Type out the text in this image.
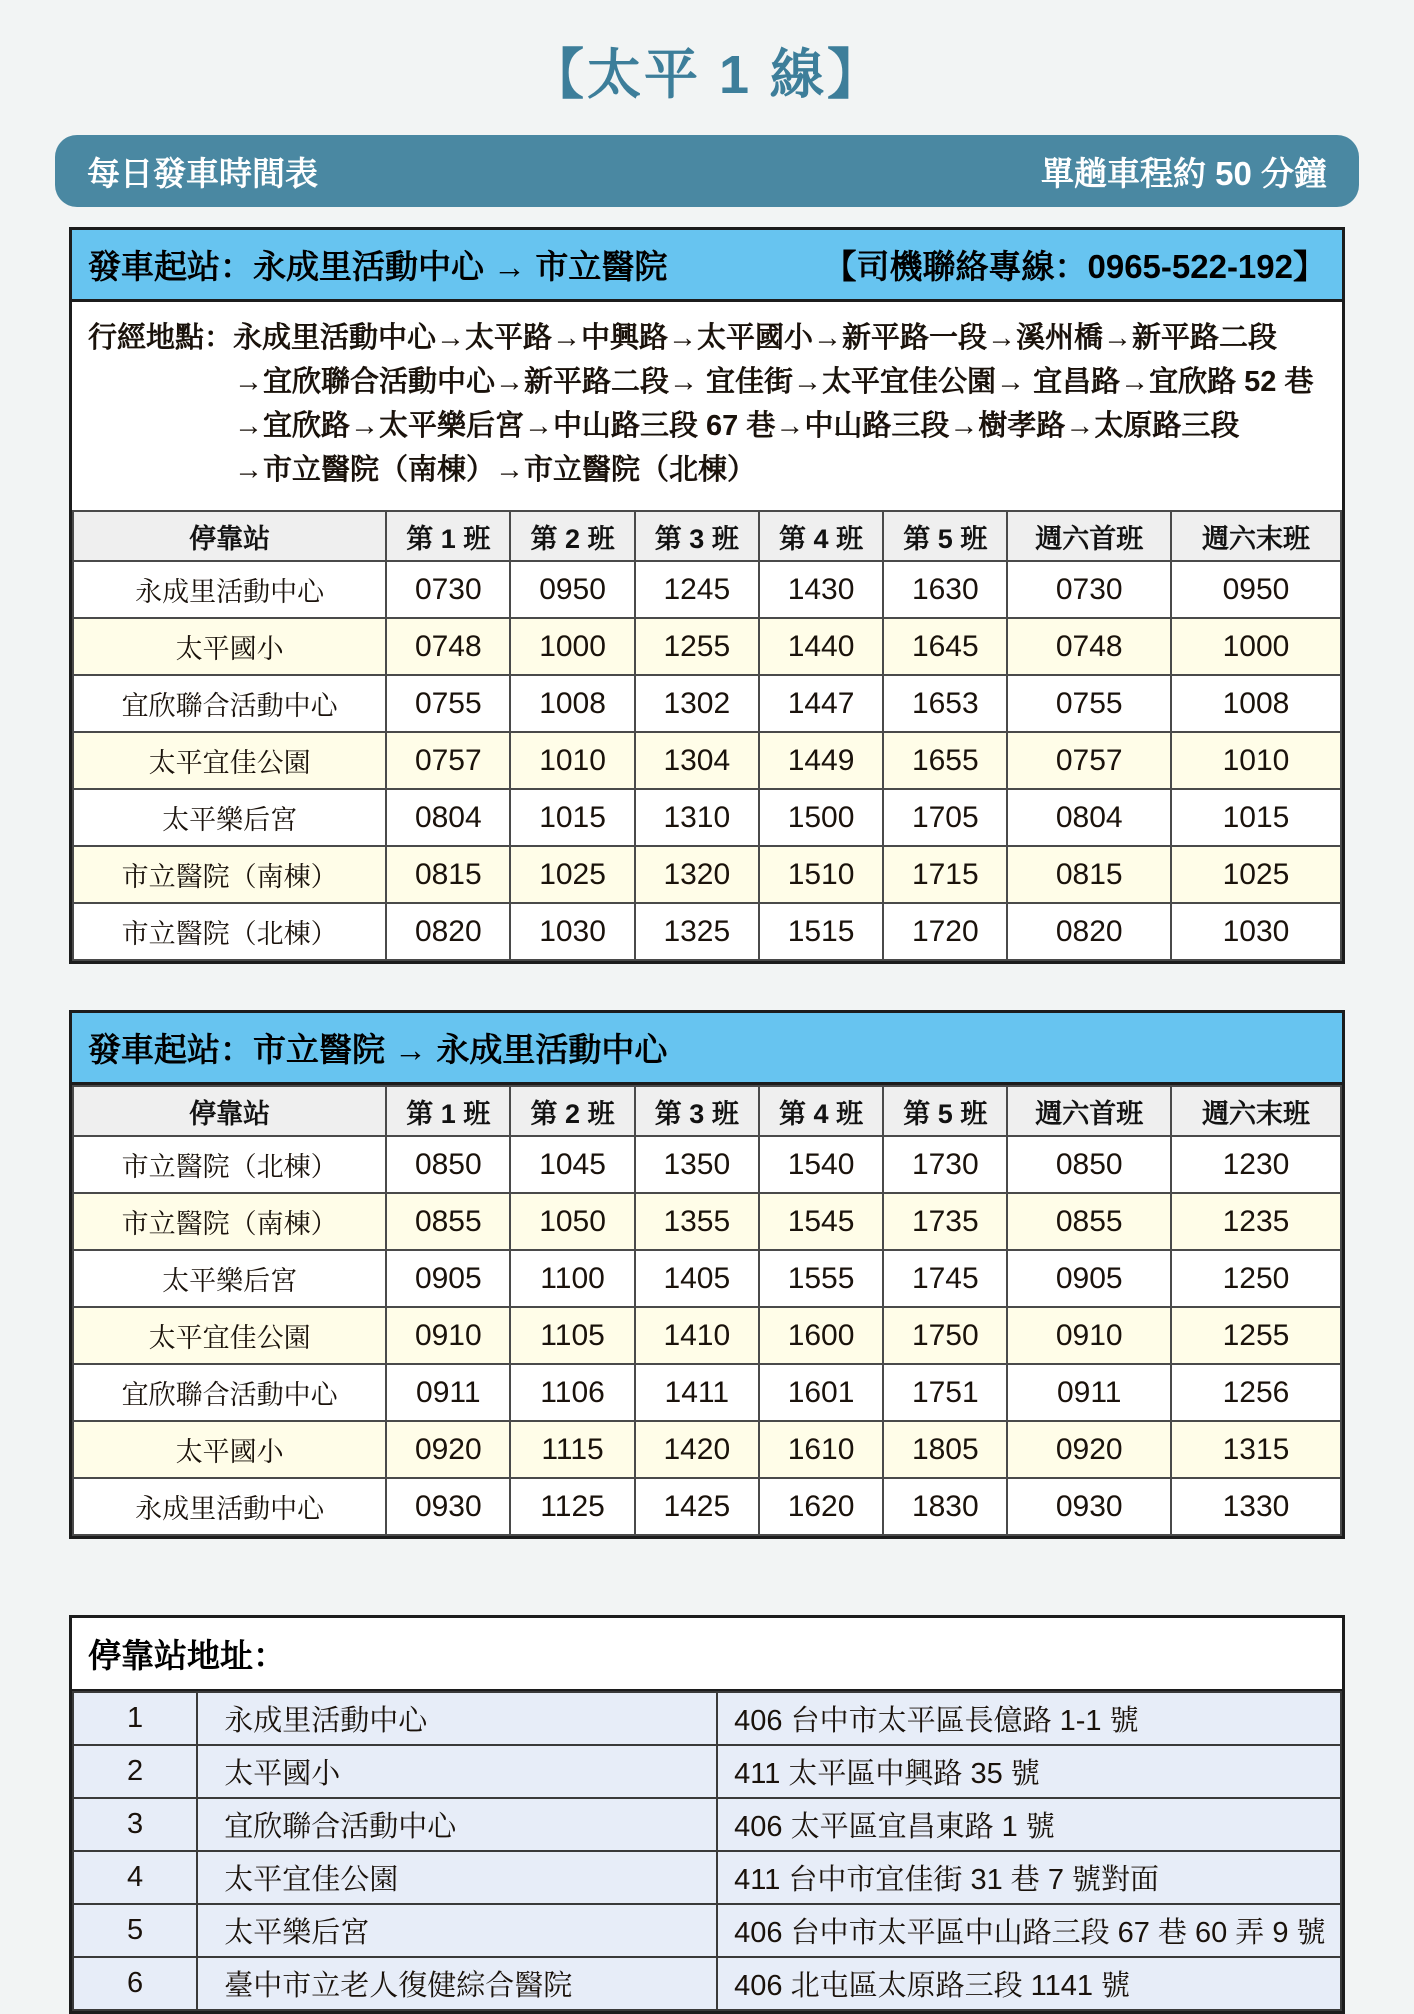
【太平 1 線】
每日發車時間表	單趟車程約 50 分鐘
發車起站：永成里活動中心 → 市立醫院	【司機聯絡專線：0965-522-192】
行經地點：永成里活動中心→太平路→中興路→太平國小→新平路一段→溪州橋→新平路二段
→宜欣聯合活動中心→新平路二段→ 宜佳街→太平宜佳公園→ 宜昌路→宜欣路 52 巷
→宜欣路→太平樂后宮→中山路三段 67 巷→中山路三段→樹孝路→太原路三段
→市立醫院（南棟）→市立醫院（北棟）
停靠站	第 1 班	第 2 班	第 3 班	第 4 班	第 5 班	週六首班	週六末班
永成里活動中心	0730	0950	1245	1430	1630	0730	0950
太平國小	0748	1000	1255	1440	1645	0748	1000
宜欣聯合活動中心	0755	1008	1302	1447	1653	0755	1008
太平宜佳公園	0757	1010	1304	1449	1655	0757	1010
太平樂后宮	0804	1015	1310	1500	1705	0804	1015
市立醫院（南棟）	0815	1025	1320	1510	1715	0815	1025
市立醫院（北棟）	0820	1030	1325	1515	1720	0820	1030
發車起站：市立醫院 → 永成里活動中心
停靠站	第 1 班	第 2 班	第 3 班	第 4 班	第 5 班	週六首班	週六末班
市立醫院（北棟）	0850	1045	1350	1540	1730	0850	1230
市立醫院（南棟）	0855	1050	1355	1545	1735	0855	1235
太平樂后宮	0905	1100	1405	1555	1745	0905	1250
太平宜佳公園	0910	1105	1410	1600	1750	0910	1255
宜欣聯合活動中心	0911	1106	1411	1601	1751	0911	1256
太平國小	0920	1115	1420	1610	1805	0920	1315
永成里活動中心	0930	1125	1425	1620	1830	0930	1330
停靠站地址：
1	永成里活動中心	406 台中市太平區長億路 1-1 號
2	太平國小	411 太平區中興路 35 號
3	宜欣聯合活動中心	406 太平區宜昌東路 1 號
4	太平宜佳公園	411 台中市宜佳街 31 巷 7 號對面
5	太平樂后宮	406 台中市太平區中山路三段 67 巷 60 弄 9 號
6	臺中市立老人復健綜合醫院	406 北屯區太原路三段 1141 號
